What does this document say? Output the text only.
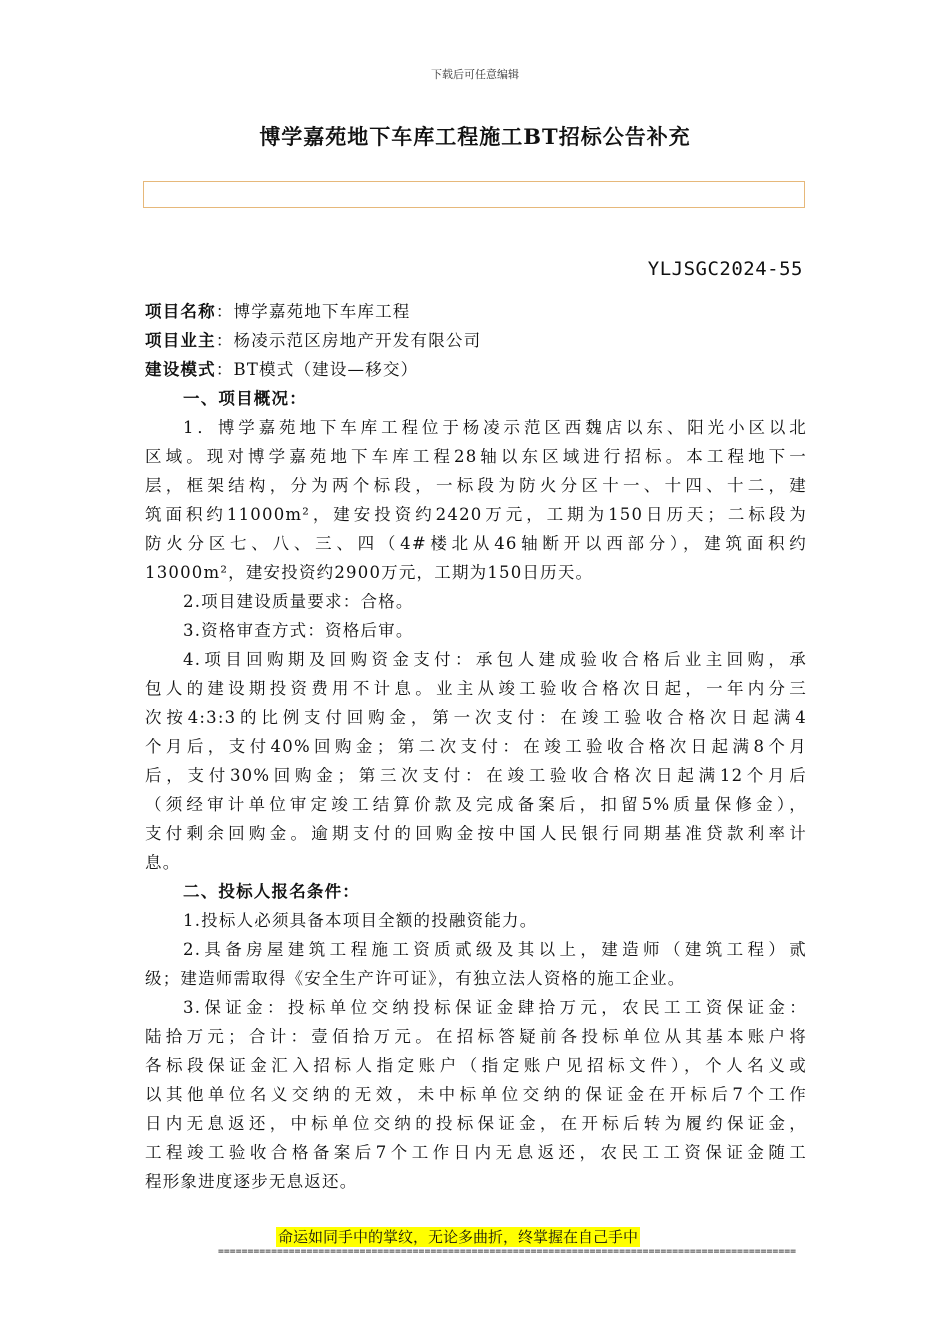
下载后可任意编辑
博学嘉苑地下车库工程施工BT招标公告补充
YLJSGC2024-55
项目名称：博学嘉苑地下车库工程
项目业主：杨凌示范区房地产开发有限公司
建设模式：BT模式（建设—移交）
一、项目概况：
1．博学嘉苑地下车库工程位于杨凌示范区西魏店以东、阳光小区以北
区域。现对博学嘉苑地下车库工程28轴以东区域进行招标。本工程地下一
层，框架结构，分为两个标段，一标段为防火分区十一、十四、十二，建
筑面积约11000m²，建安投资约2420万元，工期为150日历天；二标段为
防火分区七、八、三、四（4#楼北从46轴断开以西部分），建筑面积约
13000m²，建安投资约2900万元，工期为150日历天。
2.项目建设质量要求：合格。
3.资格审查方式：资格后审。
4.项目回购期及回购资金支付：承包人建成验收合格后业主回购，承
包人的建设期投资费用不计息。业主从竣工验收合格次日起，一年内分三
次按4:3:3的比例支付回购金，第一次支付：在竣工验收合格次日起满4
个月后，支付40%回购金；第二次支付：在竣工验收合格次日起满8个月
后，支付30%回购金；第三次支付：在竣工验收合格次日起满12个月后
（须经审计单位审定竣工结算价款及完成备案后，扣留5%质量保修金），
支付剩余回购金。逾期支付的回购金按中国人民银行同期基准贷款利率计
息。
二、投标人报名条件：
1.投标人必须具备本项目全额的投融资能力。
2.具备房屋建筑工程施工资质贰级及其以上，建造师（建筑工程）贰
级；建造师需取得《安全生产许可证》，有独立法人资格的施工企业。
3.保证金：投标单位交纳投标保证金肆拾万元，农民工工资保证金：
陆拾万元；合计：壹佰拾万元。在招标答疑前各投标单位从其基本账户将
各标段保证金汇入招标人指定账户（指定账户见招标文件），个人名义或
以其他单位名义交纳的无效，未中标单位交纳的保证金在开标后7个工作
日内无息返还，中标单位交纳的投标保证金，在开标后转为履约保证金，
工程竣工验收合格备案后7个工作日内无息返还，农民工工资保证金随工
程形象进度逐步无息返还。
命运如同手中的掌纹，无论多曲折，终掌握在自己手中
==================================================================================================
